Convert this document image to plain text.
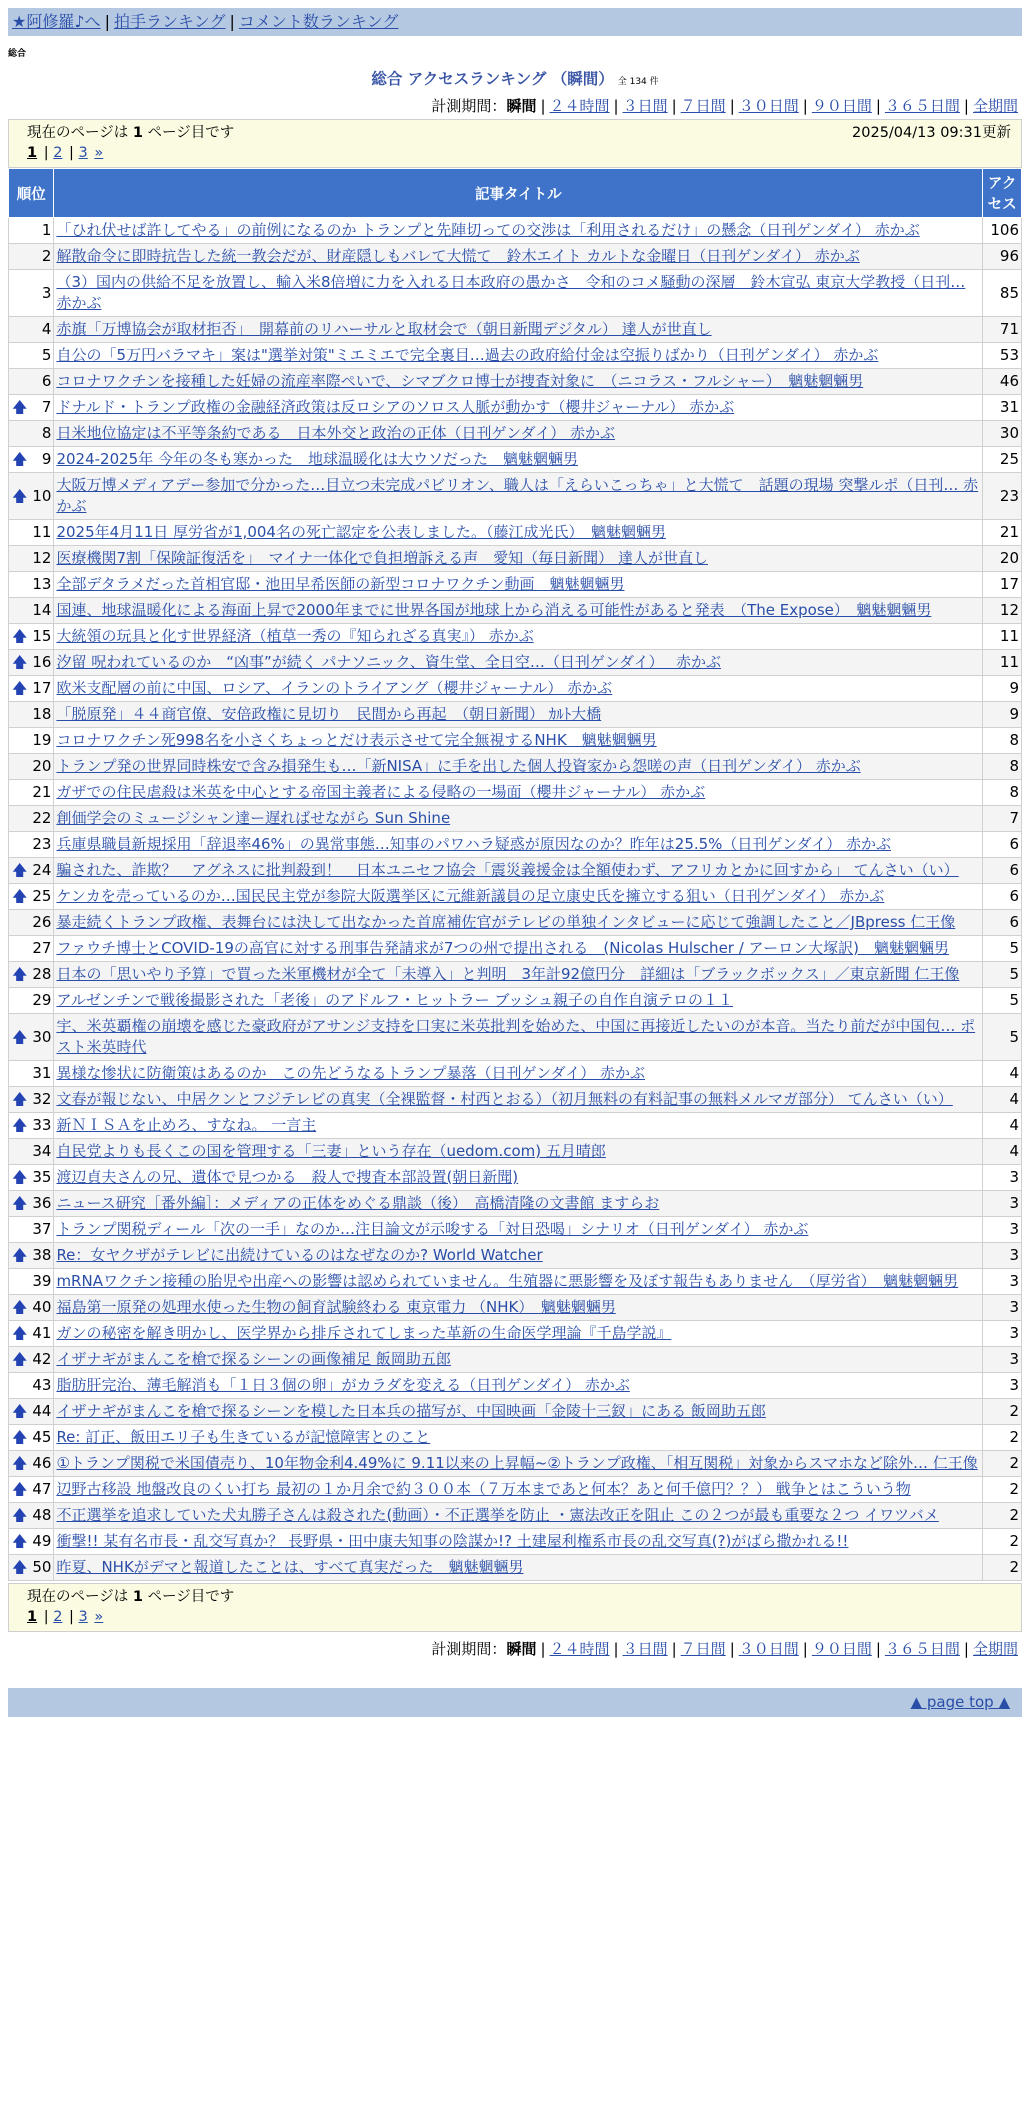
★阿修羅♪へ | 拍手ランキング | コメント数ランキング
総合
総合 アクセスランキング （瞬間） 全 134 件
計測期間：瞬間 | ２４時間 | ３日間 | ７日間 | ３０日間 | ９０日間 | ３６５日間 | 全期間
現在のページは 1 ページ目です	2025/04/13 09:31更新
1 | 2 | 3 »
順位	記事タイトル	アクセス
1	「ひれ伏せば許してやる」の前例になるのか トランプと先陣切っての交渉は「利用されるだけ」の懸念（日刊ゲンダイ） 赤かぶ	106
2	解散命令に即時抗告した統一教会だが、財産隠しもバレて大慌て　鈴木エイト カルトな金曜日（日刊ゲンダイ） 赤かぶ	96
3	（3）国内の供給不足を放置し、輸入米8倍増に力を入れる日本政府の愚かさ　令和のコメ騒動の深層　鈴木宣弘 東京大学教授（日刊… 赤かぶ	85
4	赤旗「万博協会が取材拒否」　開幕前のリハーサルと取材会で（朝日新聞デジタル） 達人が世直し	71
5	自公の「5万円バラマキ」案は"選挙対策"ミエミエで完全裏目…過去の政府給付金は空振りばかり（日刊ゲンダイ） 赤かぶ	53
6	コロナワクチンを接種した妊婦の流産率際ぺいで、シマブクロ博士が捜査対象に　（ニコラス・フルシャー）　魑魅魍魎男	46

🡅 7	ドナルド・トランプ政権の金融経済政策は反ロシアのソロス人脈が動かす（櫻井ジャーナル） 赤かぶ	31
8	日米地位協定は不平等条約である　日本外交と政治の正体（日刊ゲンダイ） 赤かぶ	30

🡅 9	2024-2025年 今年の冬も寒かった　地球温暖化は大ウソだった　魑魅魍魎男	25

🡅 10	大阪万博メディアデー参加で分かった…目立つ未完成パビリオン、職人は「えらいこっちゃ」と大慌て　話題の現場 突撃ルポ（日刊… 赤かぶ	23
11	2025年4月11日 厚労省が1,004名の死亡認定を公表しました。（藤江成光氏）　魑魅魍魎男	21
12	医療機関7割「保険証復活を」　マイナ一体化で負担増訴える声　愛知（毎日新聞） 達人が世直し	20
13	全部デタラメだった首相官邸・池田早希医師の新型コロナワクチン動画　魑魅魍魎男	17
14	国連、地球温暖化による海面上昇で2000年までに世界各国が地球上から消える可能性があると発表　（The Expose）　魑魅魍魎男	12

🡅 15	大統領の玩具と化す世界経済（植草一秀の『知られざる真実』） 赤かぶ	11

🡅 16	汐留 呪われているのか　“凶事”が続く パナソニック、資生堂、全日空…（日刊ゲンダイ）　 赤かぶ	11

🡅 17	欧米支配層の前に中国、ロシア、イランのトライアング（櫻井ジャーナル） 赤かぶ	9
18	「脱原発」４４商官僚、安倍政権に見切り　民間から再起　（朝日新聞） ｶﾙﾄ大橋	9
19	コロナワクチン死998名を小さくちょっとだけ表示させて完全無視するNHK　魑魅魍魎男	8
20	トランプ発の世界同時株安で含み損発生も…「新NISA」に手を出した個人投資家から怨嗟の声（日刊ゲンダイ） 赤かぶ	8
21	ガザでの住民虐殺は米英を中心とする帝国主義者による侵略の一場面（櫻井ジャーナル） 赤かぶ	8
22	創価学会のミュージシャン達ー遅ればせながら Sun Shine	7
23	兵庫県職員新規採用「辞退率46%」の異常事態…知事のパワハラ疑惑が原因なのか？昨年は25.5%（日刊ゲンダイ） 赤かぶ	6

🡅 24	騙された、詐欺？　アグネスに批判殺到！　日本ユニセフ協会「震災義援金は全額使わず、アフリカとかに回すから」 てんさい（い）	6

🡅 25	ケンカを売っているのか…国民民主党が参院大阪選挙区に元維新議員の足立康史氏を擁立する狙い（日刊ゲンダイ） 赤かぶ	6
26	暴走続くトランプ政権、表舞台には決して出なかった首席補佐官がテレビの単独インタビューに応じて強調したこと／JBpress 仁王像	6
27	ファウチ博士とCOVID-19の高官に対する刑事告発請求が7つの州で提出される　(Nicolas Hulscher / アーロン大塚訳)　魑魅魍魎男	5

🡅 28	日本の「思いやり予算」で買った米軍機材が全て「未導入」と判明　3年計92億円分　詳細は「ブラックボックス」／東京新聞 仁王像	5
29	アルゼンチンで戦後撮影された「老後」のアドルフ・ヒットラー ブッシュ親子の自作自演テロの１１	5

🡅 30	宇、米英覇権の崩壊を感じた豪政府がアサンジ支持を口実に米英批判を始めた、中国に再接近したいのが本音。当たり前だが中国包… ポスト米英時代	5
31	異様な惨状に防衛策はあるのか　この先どうなるトランプ暴落（日刊ゲンダイ） 赤かぶ	4

🡅 32	文春が報じない、中居クンとフジテレビの真実（全裸監督・村西とおる）（初月無料の有料記事の無料メルマガ部分） てんさい（い）	4

🡅 33	新ＮＩＳＡを止めろ、すなね。 一言主	4
34	自民党よりも長くこの国を管理する「三妻」という存在（uedom.com) 五月晴郎	4

🡅 35	渡辺貞夫さんの兄、遺体で見つかる　殺人で捜査本部設置(朝日新聞)	3

🡅 36	ニュース研究［番外編］：メディアの正体をめぐる鼎談（後）　高橋清隆の文書館 ますらお	3
37	トランプ関税ディール「次の一手」なのか…注目論文が示唆する「対日恐喝」シナリオ（日刊ゲンダイ） 赤かぶ	3

🡅 38	Re：女ヤクザがテレビに出続けているのはなぜなのか? World Watcher	3
39	mRNAワクチン接種の胎児や出産への影響は認められていません。生殖器に悪影響を及ぼす報告もありません　（厚労省）　魑魅魍魎男	3

🡅 40	福島第一原発の処理水使った生物の飼育試験終わる 東京電力 （NHK）　魑魅魍魎男	3

🡅 41	ガンの秘密を解き明かし、医学界から排斥されてしまった革新の生命医学理論『千島学説』	3

🡅 42	イザナギがまんこを槍で探るシーンの画像補足 飯岡助五郎	3
43	脂肪肝完治、薄毛解消も「１日３個の卵」がカラダを変える（日刊ゲンダイ） 赤かぶ	3

🡅 44	イザナギがまんこを槍で探るシーンを模した日本兵の描写が、中国映画「金陵十三釵」にある 飯岡助五郎	2

🡅 45	Re: 訂正、飯田エリ子も生きているが記憶障害とのこと	2

🡅 46	①トランプ関税で米国債売り、10年物金利4.49%に 9.11以来の上昇幅~②トランプ政権、「相互関税」対象からスマホなど除外… 仁王像	2

🡅 47	辺野古移設 地盤改良のくい打ち 最初の１か月余で約３００本（７万本まであと何本？あと何千億円？？） 戦争とはこういう物	2

🡅 48	不正選挙を追求していた犬丸勝子さんは殺された(動画）・不正選挙を防止 ・憲法改正を阻止 この２つが最も重要な２つ イワツバメ	2

🡅 49	衝撃!! 某有名市長・乱交写真か？ 長野県・田中康夫知事の陰謀か!? 土建屋利権系市長の乱交写真(?)がばら撒かれる!!	2

🡅 50	昨夏、NHKがデマと報道したことは、すべて真実だった　魑魅魍魎男	2
現在のページは 1 ページ目です
1 | 2 | 3 »
計測期間：瞬間 | ２４時間 | ３日間 | ７日間 | ３０日間 | ９０日間 | ３６５日間 | 全期間
▲ page top ▲
